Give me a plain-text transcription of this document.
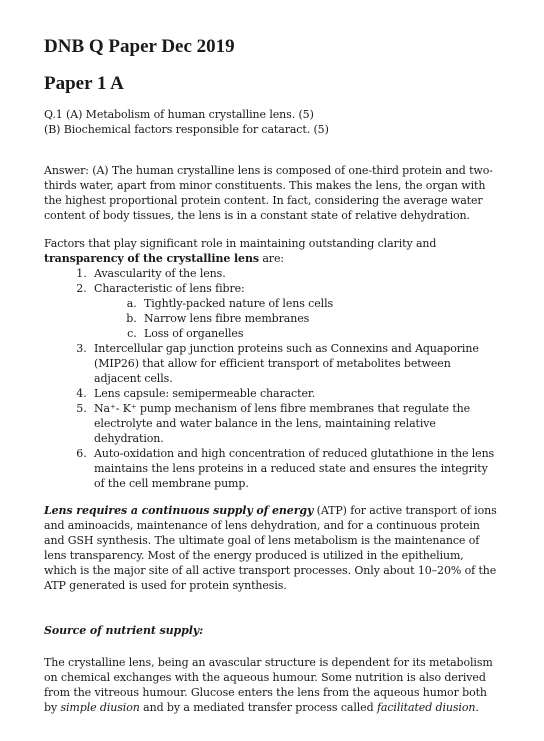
DNB Q Paper Dec 2019

Paper 1 A

Q.1 (A) Metabolism of human crystalline lens. (5)
(B) Biochemical factors responsible for cataract. (5)

Answer: (A) The human crystalline lens is composed of one-third protein and two-thirds water, apart from minor constituents. This makes the lens, the organ with the highest proportional protein content. In fact, considering the average water content of body tissues, the lens is in a constant state of relative dehydration.

Factors that play significant role in maintaining outstanding clarity and transparency of the crystalline lens are:

1. Avascularity of the lens.
2. Characteristic of lens fibre:
a. Tightly-packed nature of lens cells
b. Narrow lens fibre membranes
c. Loss of organelles
3. Intercellular gap junction proteins such as Connexins and Aquaporine (MIP26) that allow for efficient transport of metabolites between adjacent cells.
4. Lens capsule: semipermeable character.
5. Na⁺- K⁺ pump mechanism of lens fibre membranes that regulate the electrolyte and water balance in the lens, maintaining relative dehydration.
6. Auto-oxidation and high concentration of reduced glutathione in the lens maintains the lens proteins in a reduced state and ensures the integrity of the cell membrane pump.

Lens requires a continuous supply of energy (ATP) for active transport of ions and aminoacids, maintenance of lens dehydration, and for a continuous protein and GSH synthesis. The ultimate goal of lens metabolism is the maintenance of lens transparency. Most of the energy produced is utilized in the epithelium, which is the major site of all active transport processes. Only about 10–20% of the ATP generated is used for protein synthesis.

Source of nutrient supply:

The crystalline lens, being an avascular structure is dependent for its metabolism on chemical exchanges with the aqueous humour. Some nutrition is also derived from the vitreous humour. Glucose enters the lens from the aqueous humor both by simple diusion and by a mediated transfer process called facilitated diusion.
